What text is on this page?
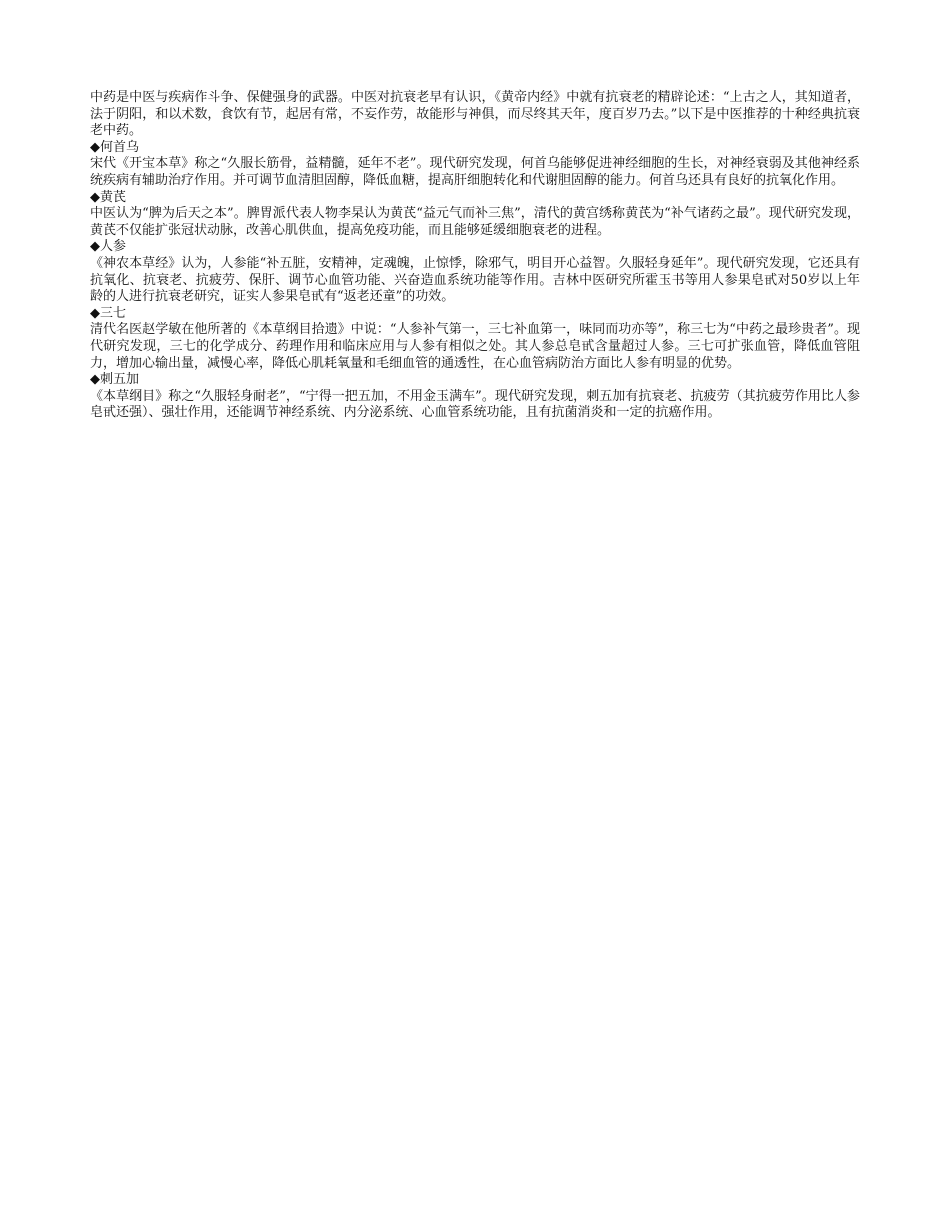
中药是中医与疾病作斗争、保健强身的武器。中医对抗衰老早有认识，《黄帝内经》中就有抗衰老的精辟论述：“上古之人，其知道者，法于阴阳，和以术数，食饮有节，起居有常，不妄作劳，故能形与神俱，而尽终其天年，度百岁乃去。”以下是中医推荐的十种经典抗衰老中药。

◆何首乌

宋代《开宝本草》称之“久服长筋骨，益精髓，延年不老”。现代研究发现，何首乌能够促进神经细胞的生长，对神经衰弱及其他神经系统疾病有辅助治疗作用。并可调节血清胆固醇，降低血糖，提高肝细胞转化和代谢胆固醇的能力。何首乌还具有良好的抗氧化作用。

◆黄芪

中医认为“脾为后天之本”。脾胃派代表人物李杲认为黄芪“益元气而补三焦”，清代的黄宫绣称黄芪为“补气诸药之最”。现代研究发现，黄芪不仅能扩张冠状动脉，改善心肌供血，提高免疫功能，而且能够延缓细胞衰老的进程。

◆人参

《神农本草经》认为，人参能“补五脏，安精神，定魂魄，止惊悸，除邪气，明目开心益智。久服轻身延年”。现代研究发现，它还具有抗氧化、抗衰老、抗疲劳、保肝、调节心血管功能、兴奋造血系统功能等作用。吉林中医研究所霍玉书等用人参果皂甙对50岁以上年龄的人进行抗衰老研究，证实人参果皂甙有“返老还童”的功效。

◆三七

清代名医赵学敏在他所著的《本草纲目拾遗》中说：“人参补气第一，三七补血第一，味同而功亦等”，称三七为“中药之最珍贵者”。现代研究发现，三七的化学成分、药理作用和临床应用与人参有相似之处。其人参总皂甙含量超过人参。三七可扩张血管，降低血管阻力，增加心输出量，减慢心率，降低心肌耗氧量和毛细血管的通透性，在心血管病防治方面比人参有明显的优势。

◆刺五加

《本草纲目》称之“久服轻身耐老”，“宁得一把五加，不用金玉满车”。现代研究发现，刺五加有抗衰老、抗疲劳（其抗疲劳作用比人参皂甙还强）、强壮作用，还能调节神经系统、内分泌系统、心血管系统功能，且有抗菌消炎和一定的抗癌作用。
